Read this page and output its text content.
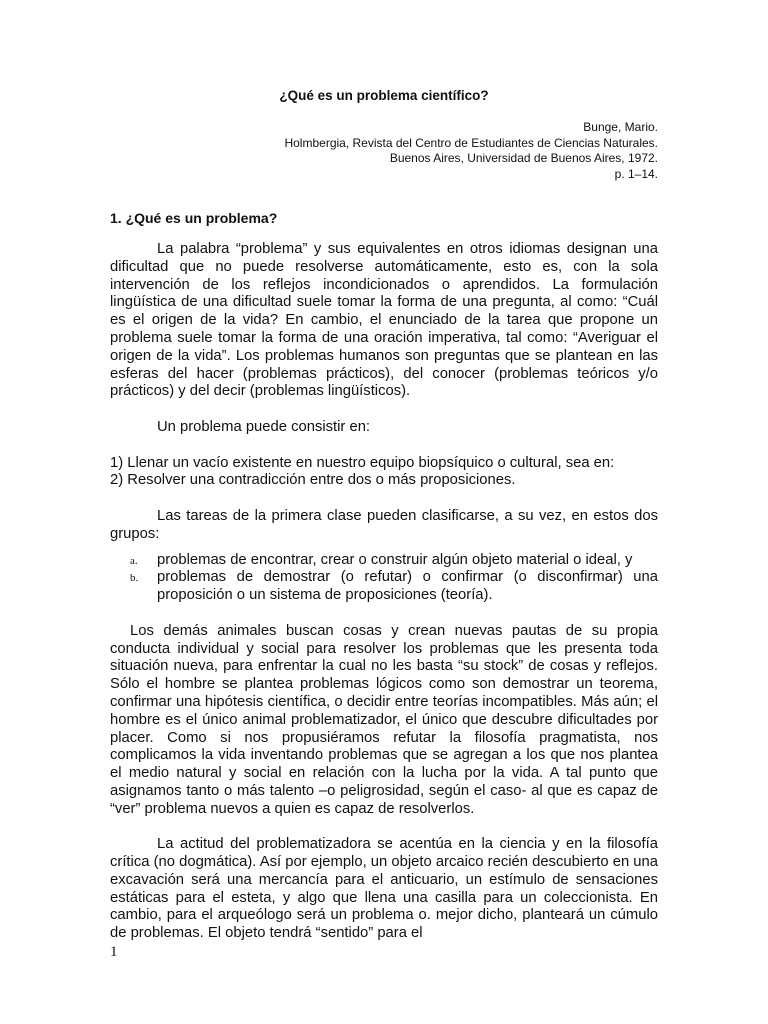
¿Qué es un problema científico?
Bunge, Mario.
Holmbergia, Revista del Centro de Estudiantes de Ciencias Naturales.
Buenos Aires, Universidad de Buenos Aires, 1972.
p. 1–14.
1. ¿Qué es un problema?

La palabra “problema” y sus equivalentes en otros idiomas designan una dificultad que no puede resolverse automáticamente, esto es, con la sola intervención de los reflejos incondicionados o aprendidos. La formulación lingüística de una dificultad suele tomar la forma de una pregunta, al como: “Cuál es el origen de la vida? En cambio, el enunciado de la tarea que propone un problema suele tomar la forma de una oración imperativa, tal como: “Averiguar el origen de la vida”. Los problemas humanos son preguntas que se plantean en las esferas del hacer (problemas prácticos), del conocer (problemas teóricos y/o prácticos) y del decir (problemas lingüísticos).

Un problema puede consistir en:

1) Llenar un vacío existente en nuestro equipo biopsíquico o cultural, sea en:

2) Resolver una contradicción entre dos o más proposiciones.

Las tareas de la primera clase pueden clasificarse, a su vez, en estos dos grupos:

a. problemas de encontrar, crear o construir algún objeto material o ideal, y
b. problemas de demostrar (o refutar) o confirmar (o disconfirmar) una proposición o un sistema de proposiciones (teoría).

Los demás animales buscan cosas y crean nuevas pautas de su propia conducta individual y social para resolver los problemas que les presenta toda situación nueva, para enfrentar la cual no les basta “su stock” de cosas y reflejos. Sólo el hombre se plantea problemas lógicos como son demostrar un teorema, confirmar una hipótesis científica, o decidir entre teorías incompatibles. Más aún; el hombre es el único animal problematizador, el único que descubre dificultades por placer. Como si nos propusiéramos refutar la filosofía pragmatista, nos complicamos la vida inventando problemas que se agregan a los que nos plantea el medio natural y social en relación con la lucha por la vida. A tal punto que asignamos tanto o más talento –o peligrosidad, según el caso- al que es capaz de “ver” problema nuevos a quien es capaz de resolverlos.

La actitud del problematizadora se acentúa en la ciencia y en la filosofía crítica (no dogmática). Así por ejemplo, un objeto arcaico recién descubierto en una excavación será una mercancía para el anticuario, un estímulo de sensaciones estáticas para el esteta, y algo que llena una casilla para un coleccionista. En cambio, para el arqueólogo será un problema o. mejor dicho, planteará un cúmulo de problemas. El objeto tendrá “sentido” para el

1
